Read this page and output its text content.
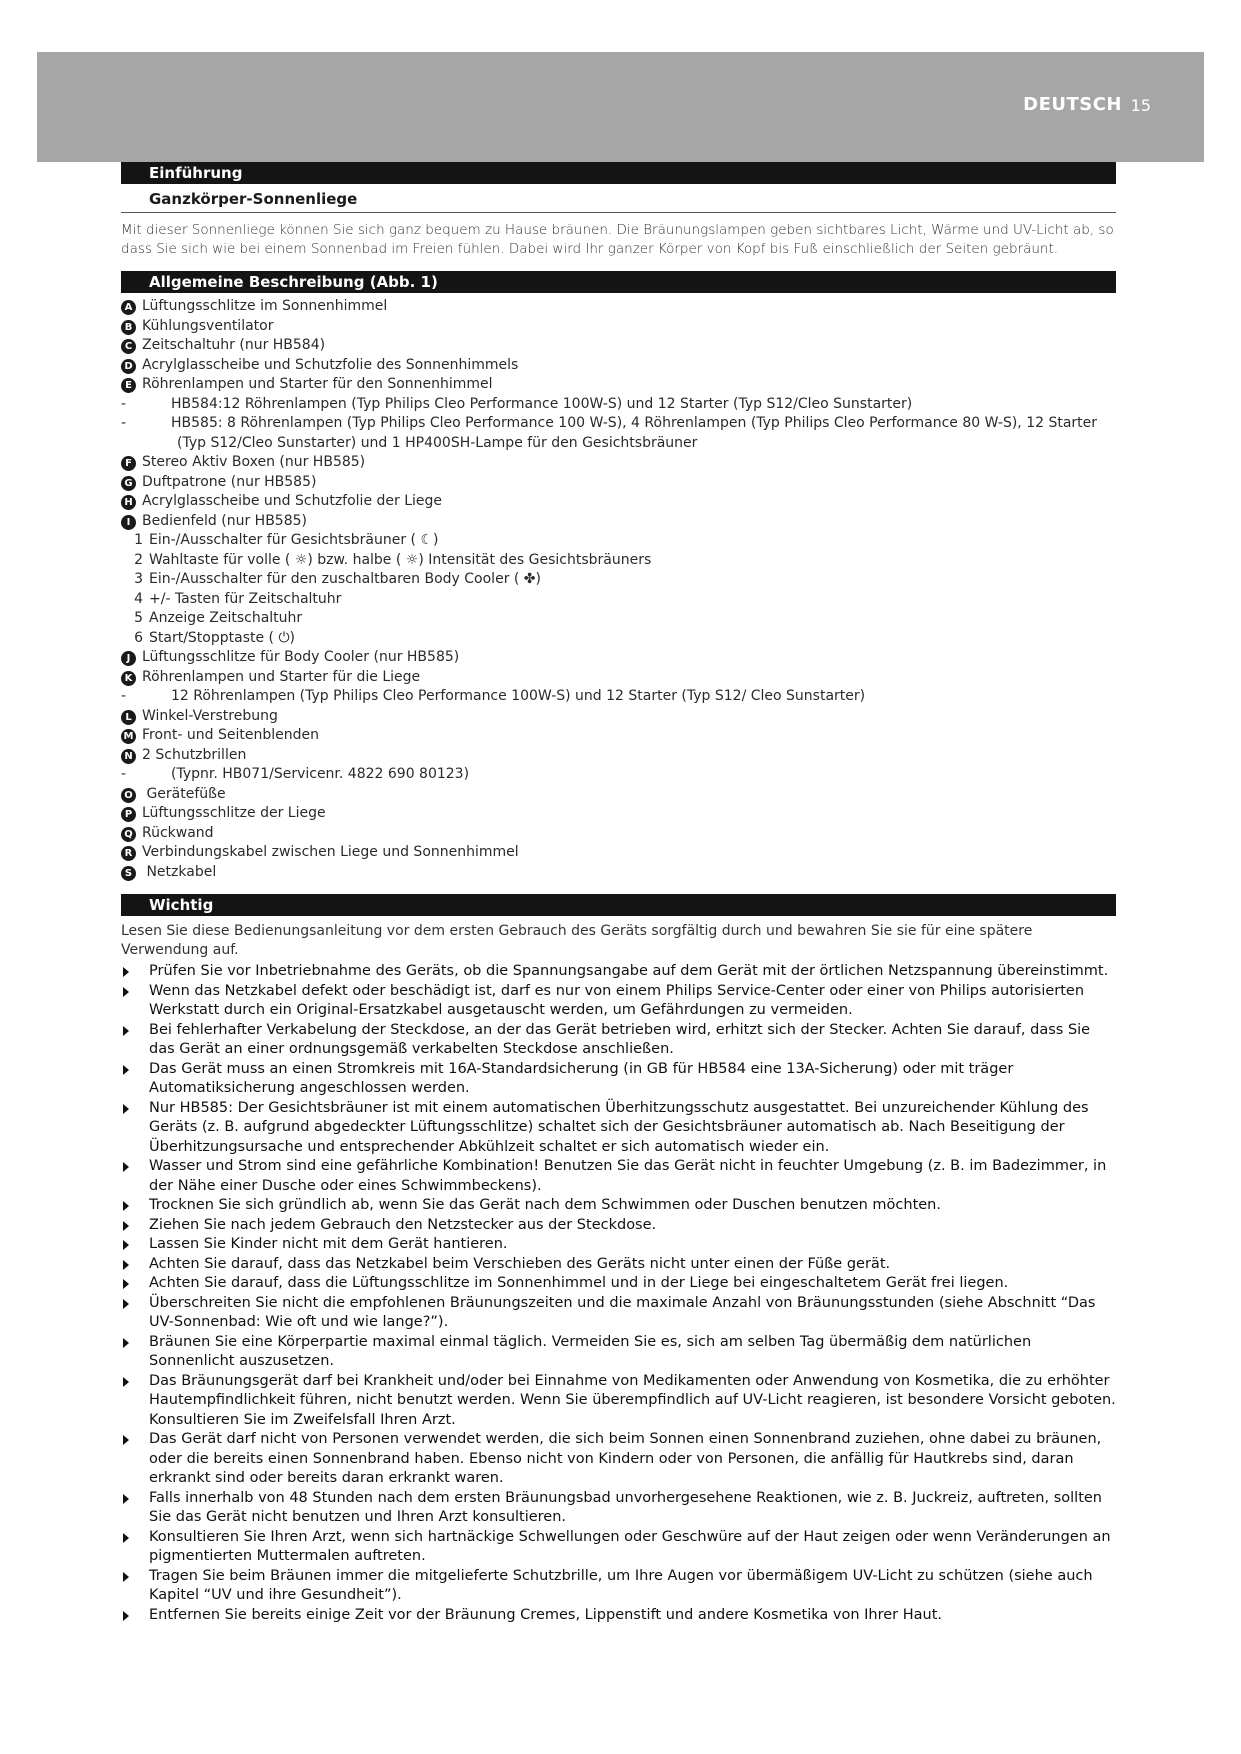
DEUTSCH 15
Einführung
Ganzkörper-Sonnenliege

Mit dieser Sonnenliege können Sie sich ganz bequem zu Hause bräunen. Die Bräunungslampen geben sichtbares Licht, Wärme und UV-Licht ab, so dass Sie sich wie bei einem Sonnenbad im Freien fühlen. Dabei wird Ihr ganzer Körper von Kopf bis Fuß einschließlich der Seiten gebräunt.

Allgemeine Beschreibung (Abb. 1)
A Lüftungsschlitze im Sonnenhimmel
B Kühlungsventilator
C Zeitschaltuhr (nur HB584)
D Acrylglasscheibe und Schutzfolie des Sonnenhimmels
E Röhrenlampen und Starter für den Sonnenhimmel
-	HB584:12 Röhrenlampen (Typ Philips Cleo Performance 100W-S) und 12 Starter (Typ S12/Cleo Sunstarter)
-	HB585: 8 Röhrenlampen (Typ Philips Cleo Performance 100 W-S), 4 Röhrenlampen (Typ Philips Cleo Performance 80 W-S), 12 Starter (Typ S12/Cleo Sunstarter) und 1 HP400SH-Lampe für den Gesichtsbräuner
F Stereo Aktiv Boxen (nur HB585)
G Duftpatrone (nur HB585)
H Acrylglasscheibe und Schutzfolie der Liege
I Bedienfeld (nur HB585)
1 Ein-/Ausschalter für Gesichtsbräuner ( ☾)
2 Wahltaste für volle ( ☼) bzw. halbe ( ☼) Intensität des Gesichtsbräuners
3 Ein-/Ausschalter für den zuschaltbaren Body Cooler ( ✤)
4 +/- Tasten für Zeitschaltuhr
5 Anzeige Zeitschaltuhr
6 Start/Stopptaste ( ⏻)
J Lüftungsschlitze für Body Cooler (nur HB585)
K Röhrenlampen und Starter für die Liege
-	12 Röhrenlampen (Typ Philips Cleo Performance 100W-S) und 12 Starter (Typ S12/ Cleo Sunstarter)
L Winkel-Verstrebung
M Front- und Seitenblenden
N 2 Schutzbrillen
-	(Typnr. HB071/Servicenr. 4822 690 80123)
O Gerätefüße
P Lüftungsschlitze der Liege
Q Rückwand
R Verbindungskabel zwischen Liege und Sonnenhimmel
S Netzkabel
Wichtig

Lesen Sie diese Bedienungsanleitung vor dem ersten Gebrauch des Geräts sorgfältig durch und bewahren Sie sie für eine spätere Verwendung auf.

Prüfen Sie vor Inbetriebnahme des Geräts, ob die Spannungsangabe auf dem Gerät mit der örtlichen Netzspannung übereinstimmt.
Wenn das Netzkabel defekt oder beschädigt ist, darf es nur von einem Philips Service-Center oder einer von Philips autorisierten Werkstatt durch ein Original-Ersatzkabel ausgetauscht werden, um Gefährdungen zu vermeiden.
Bei fehlerhafter Verkabelung der Steckdose, an der das Gerät betrieben wird, erhitzt sich der Stecker. Achten Sie darauf, dass Sie das Gerät an einer ordnungsgemäß verkabelten Steckdose anschließen.
Das Gerät muss an einen Stromkreis mit 16A-Standardsicherung (in GB für HB584 eine 13A-Sicherung) oder mit träger Automatiksicherung angeschlossen werden.
Nur HB585: Der Gesichtsbräuner ist mit einem automatischen Überhitzungsschutz ausgestattet. Bei unzureichender Kühlung des Geräts (z. B. aufgrund abgedeckter Lüftungsschlitze) schaltet sich der Gesichtsbräuner automatisch ab. Nach Beseitigung der Überhitzungsursache und entsprechender Abkühlzeit schaltet er sich automatisch wieder ein.
Wasser und Strom sind eine gefährliche Kombination! Benutzen Sie das Gerät nicht in feuchter Umgebung (z. B. im Badezimmer, in der Nähe einer Dusche oder eines Schwimmbeckens).
Trocknen Sie sich gründlich ab, wenn Sie das Gerät nach dem Schwimmen oder Duschen benutzen möchten.
Ziehen Sie nach jedem Gebrauch den Netzstecker aus der Steckdose.
Lassen Sie Kinder nicht mit dem Gerät hantieren.
Achten Sie darauf, dass das Netzkabel beim Verschieben des Geräts nicht unter einen der Füße gerät.
Achten Sie darauf, dass die Lüftungsschlitze im Sonnenhimmel und in der Liege bei eingeschaltetem Gerät frei liegen.
Überschreiten Sie nicht die empfohlenen Bräunungszeiten und die maximale Anzahl von Bräunungsstunden (siehe Abschnitt “Das UV-Sonnenbad: Wie oft und wie lange?”).
Bräunen Sie eine Körperpartie maximal einmal täglich. Vermeiden Sie es, sich am selben Tag übermäßig dem natürlichen Sonnenlicht auszusetzen.
Das Bräunungsgerät darf bei Krankheit und/oder bei Einnahme von Medikamenten oder Anwendung von Kosmetika, die zu erhöhter Hautempfindlichkeit führen, nicht benutzt werden. Wenn Sie überempfindlich auf UV-Licht reagieren, ist besondere Vorsicht geboten. Konsultieren Sie im Zweifelsfall Ihren Arzt.
Das Gerät darf nicht von Personen verwendet werden, die sich beim Sonnen einen Sonnenbrand zuziehen, ohne dabei zu bräunen, oder die bereits einen Sonnenbrand haben. Ebenso nicht von Kindern oder von Personen, die anfällig für Hautkrebs sind, daran erkrankt sind oder bereits daran erkrankt waren.
Falls innerhalb von 48 Stunden nach dem ersten Bräunungsbad unvorhergesehene Reaktionen, wie z. B. Juckreiz, auftreten, sollten Sie das Gerät nicht benutzen und Ihren Arzt konsultieren.
Konsultieren Sie Ihren Arzt, wenn sich hartnäckige Schwellungen oder Geschwüre auf der Haut zeigen oder wenn Veränderungen an pigmentierten Muttermalen auftreten.
Tragen Sie beim Bräunen immer die mitgelieferte Schutzbrille, um Ihre Augen vor übermäßigem UV-Licht zu schützen (siehe auch Kapitel “UV und ihre Gesundheit”).
Entfernen Sie bereits einige Zeit vor der Bräunung Cremes, Lippenstift und andere Kosmetika von Ihrer Haut.
